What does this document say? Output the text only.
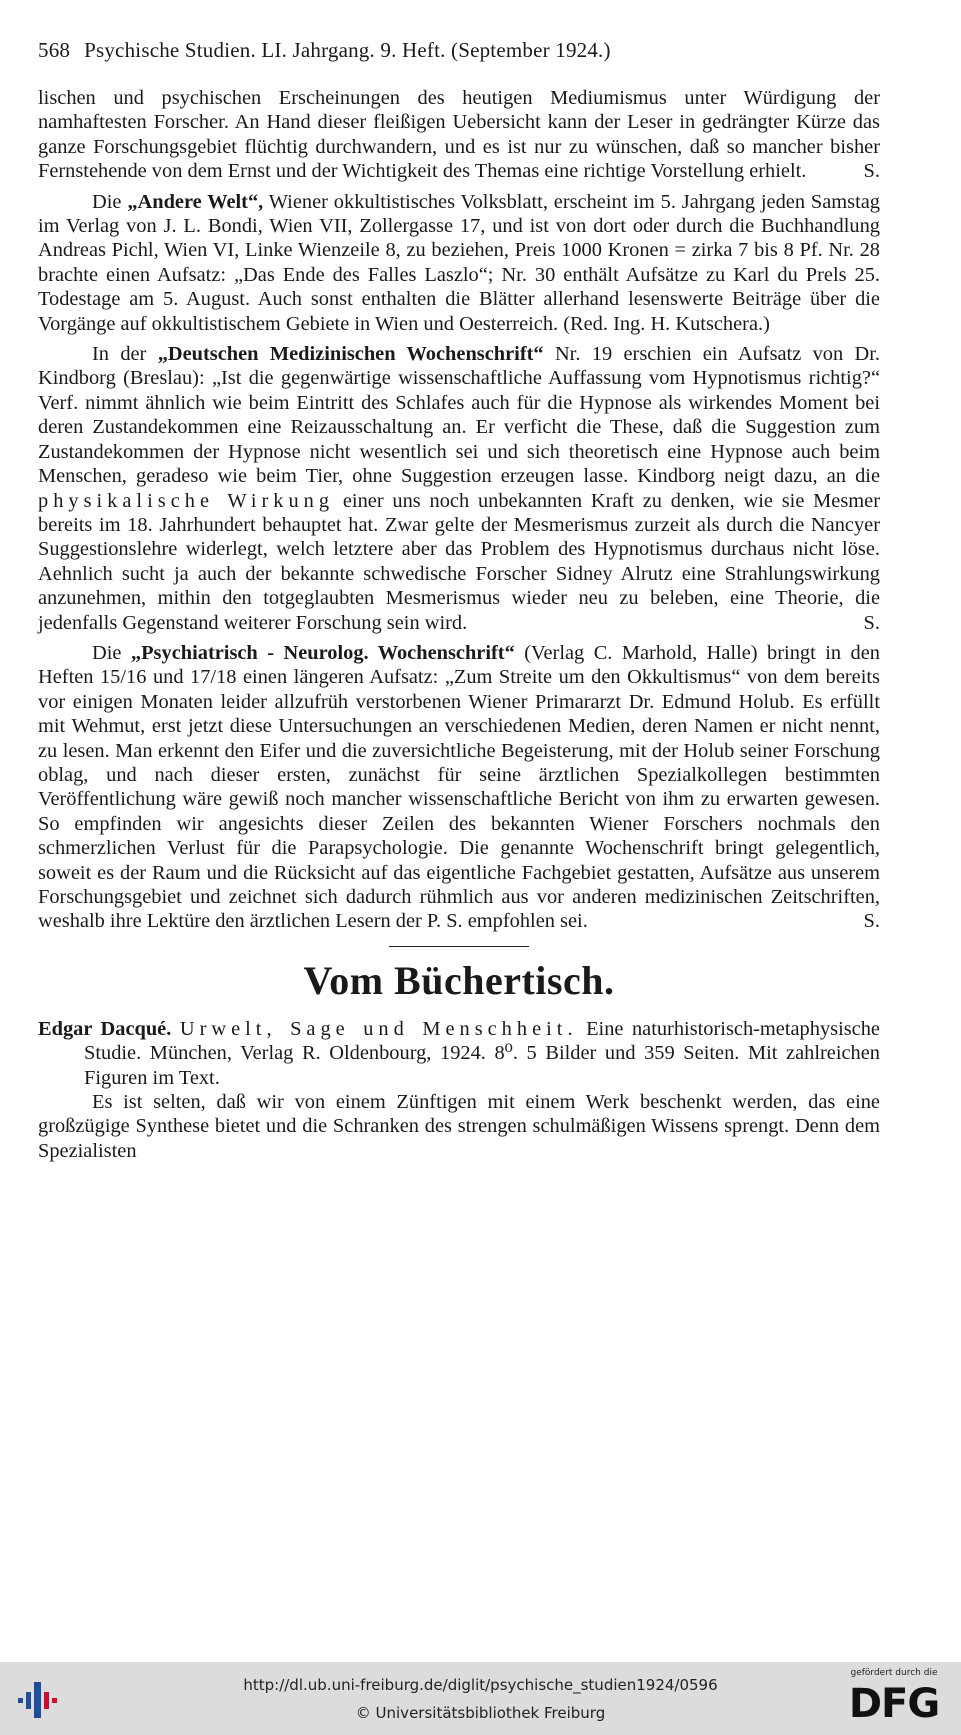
568 Psychische Studien. LI. Jahrgang. 9. Heft. (September 1924.)

lischen und psychischen Erscheinungen des heutigen Mediumismus unter Würdigung der namhaftesten Forscher. An Hand dieser fleißigen Uebersicht kann der Leser in gedrängter Kürze das ganze Forschungsgebiet flüchtig durchwandern, und es ist nur zu wünschen, daß so mancher bisher Fernstehende von dem Ernst und der Wichtigkeit des Themas eine richtige Vorstellung erhielt.	S.

Die „Andere Welt“, Wiener okkultistisches Volksblatt, erscheint im 5. Jahrgang jeden Samstag im Verlag von J. L. Bondi, Wien VII, Zollergasse 17, und ist von dort oder durch die Buchhandlung Andreas Pichl, Wien VI, Linke Wienzeile 8, zu beziehen, Preis 1000 Kronen = zirka 7 bis 8 Pf. Nr. 28 brachte einen Aufsatz: „Das Ende des Falles Laszlo“; Nr. 30 enthält Aufsätze zu Karl du Prels 25. Todestage am 5. August. Auch sonst enthalten die Blätter allerhand lesenswerte Beiträge über die Vorgänge auf okkultistischem Gebiete in Wien und Oesterreich. (Red. Ing. H. Kutschera.)

In der „Deutschen Medizinischen Wochenschrift“ Nr. 19 erschien ein Aufsatz von Dr. Kindborg (Breslau): „Ist die gegenwärtige wissenschaftliche Auffassung vom Hypnotismus richtig?“ Verf. nimmt ähnlich wie beim Eintritt des Schlafes auch für die Hypnose als wirkendes Moment bei deren Zustandekommen eine Reizausschaltung an. Er verficht die These, daß die Suggestion zum Zustandekommen der Hypnose nicht wesentlich sei und sich theoretisch eine Hypnose auch beim Menschen, geradeso wie beim Tier, ohne Suggestion erzeugen lasse. Kindborg neigt dazu, an die physikalische Wirkung einer uns noch unbekannten Kraft zu denken, wie sie Mesmer bereits im 18. Jahrhundert behauptet hat. Zwar gelte der Mesmerismus zurzeit als durch die Nancyer Suggestionslehre widerlegt, welch letztere aber das Problem des Hypnotismus durchaus nicht löse. Aehnlich sucht ja auch der bekannte schwedische Forscher Sidney Alrutz eine Strahlungswirkung anzunehmen, mithin den totgeglaubten Mesmerismus wieder neu zu beleben, eine Theorie, die jedenfalls Gegenstand weiterer Forschung sein wird.	S.

Die „Psychiatrisch - Neurolog. Wochenschrift“ (Verlag C. Marhold, Halle) bringt in den Heften 15/16 und 17/18 einen längeren Aufsatz: „Zum Streite um den Okkultismus“ von dem bereits vor einigen Monaten leider allzufrüh verstorbenen Wiener Primararzt Dr. Edmund Holub. Es erfüllt mit Wehmut, erst jetzt diese Untersuchungen an verschiedenen Medien, deren Namen er nicht nennt, zu lesen. Man erkennt den Eifer und die zuversichtliche Begeisterung, mit der Holub seiner Forschung oblag, und nach dieser ersten, zunächst für seine ärztlichen Spezialkollegen bestimmten Veröffentlichung wäre gewiß noch mancher wissenschaftliche Bericht von ihm zu erwarten gewesen. So empfinden wir angesichts dieser Zeilen des bekannten Wiener Forschers nochmals den schmerzlichen Verlust für die Parapsychologie. Die genannte Wochenschrift bringt gelegentlich, soweit es der Raum und die Rücksicht auf das eigentliche Fachgebiet gestatten, Aufsätze aus unserem Forschungsgebiet und zeichnet sich dadurch rühmlich aus vor anderen medizinischen Zeitschriften, weshalb ihre Lektüre den ärztlichen Lesern der P. S. empfohlen sei.	S.

Vom Büchertisch.

Edgar Dacqué. Urwelt, Sage und Menschheit. Eine naturhistorisch-metaphysische Studie. München, Verlag R. Oldenbourg, 1924. 8⁰. 5 Bilder und 359 Seiten. Mit zahlreichen Figuren im Text.

Es ist selten, daß wir von einem Zünftigen mit einem Werk beschenkt werden, das eine großzügige Synthese bietet und die Schranken des strengen schulmäßigen Wissens sprengt. Denn dem Spezialisten

http://dl.ub.uni-freiburg.de/diglit/psychische_studien1924/0596
© Universitätsbibliothek Freiburg
gefördert durch die
DFG
